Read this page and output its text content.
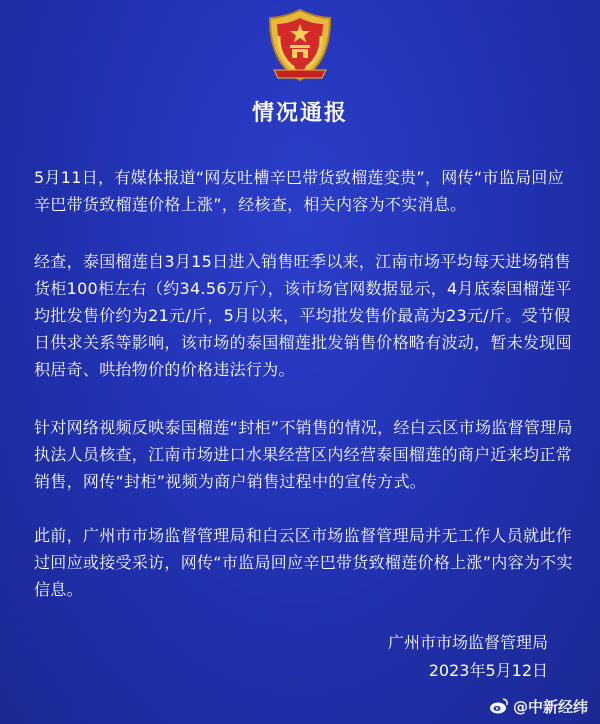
情况通报
5月11日，有媒体报道“网友吐槽辛巴带货致榴莲变贵”，网传“市监局回应辛巴带货致榴莲价格上涨”，经核查，相关内容为不实消息。
经查，泰国榴莲自3月15日进入销售旺季以来，江南市场平均每天进场销售货柜100柜左右（约34.56万斤），该市场官网数据显示，4月底泰国榴莲平均批发售价约为21元/斤，5月以来，平均批发售价最高为23元/斤。受节假日供求关系等影响，该市场的泰国榴莲批发销售价格略有波动，暂未发现囤积居奇、哄抬物价的价格违法行为。
针对网络视频反映泰国榴莲“封柜”不销售的情况，经白云区市场监督管理局执法人员核查，江南市场进口水果经营区内经营泰国榴莲的商户近来均正常销售，网传“封柜”视频为商户销售过程中的宣传方式。
此前，广州市市场监督管理局和白云区市场监督管理局并无工作人员就此作过回应或接受采访，网传“市监局回应辛巴带货致榴莲价格上涨”内容为不实信息。
广州市市场监督管理局
2023年5月12日
@中新经纬
